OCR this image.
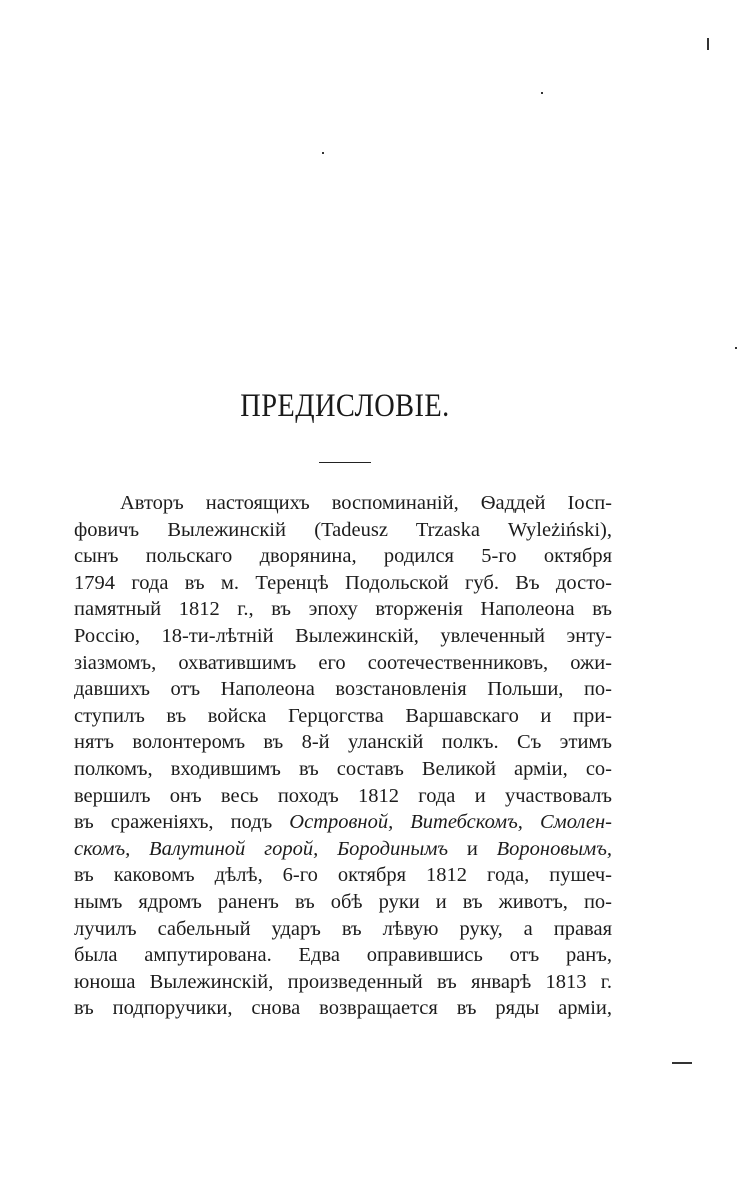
ПРЕДИСЛОВІЕ.
Авторъ настоящихъ воспоминаній, Ѳаддей Іосп-
фовичъ Вылежинскій (Tadeusz Trzaska Wyleżiński),
сынъ польскаго дворянина, родился 5-го октября
1794 года въ м. Теренцѣ Подольской губ. Въ досто-
памятный 1812 г., въ эпоху вторженія Наполеона въ
Россію, 18-ти-лѣтній Вылежинскій, увлеченный энту-
зіазмомъ, охватившимъ его соотечественниковъ, ожи-
давшихъ отъ Наполеона возстановленія Польши, по-
ступилъ въ войска Герцогства Варшавскаго и при-
нятъ волонтеромъ въ 8-й уланскій полкъ. Съ этимъ
полкомъ, входившимъ въ составъ Великой арміи, со-
вершилъ онъ весь походъ 1812 года и участвовалъ
въ сраженіяхъ, подъ Островной, Витебскомъ, Смолен-
скомъ, Валутиной горой, Бородинымъ и Вороновымъ,
въ каковомъ дѣлѣ, 6-го октября 1812 года, пушеч-
нымъ ядромъ раненъ въ обѣ руки и въ животъ, по-
лучилъ сабельный ударъ въ лѣвую руку, а правая
была ампутирована. Едва оправившись отъ ранъ,
юноша Вылежинскій, произведенный въ январѣ 1813 г.
въ подпоручики, снова возвращается въ ряды арміи,
